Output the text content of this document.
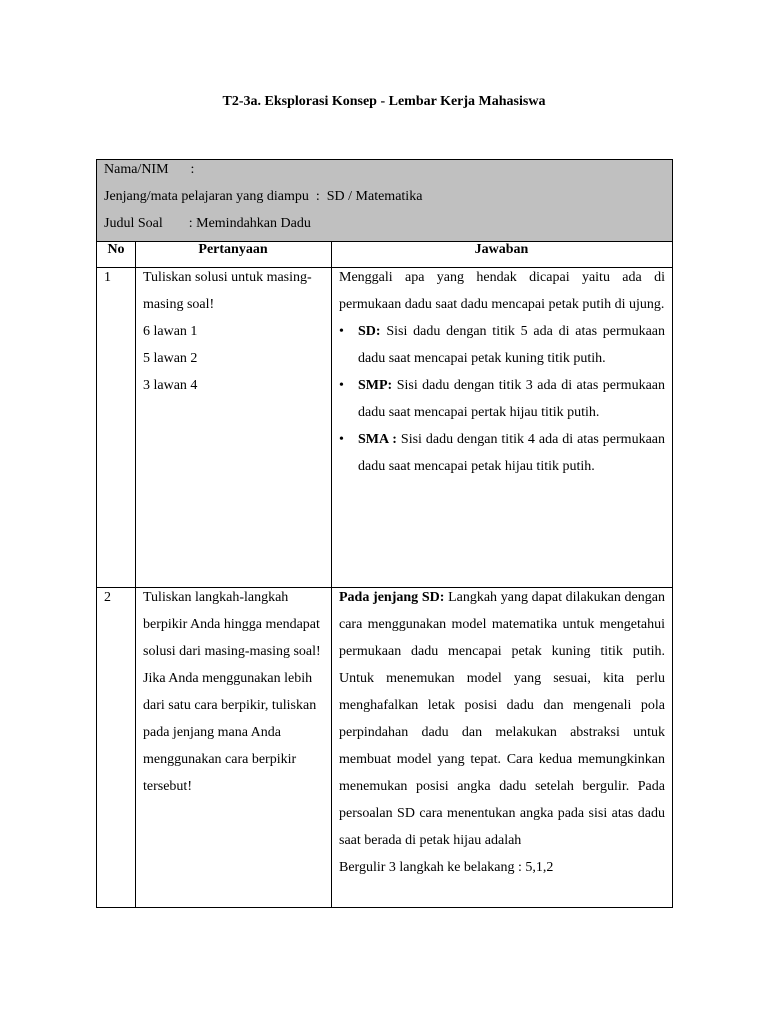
T2-3a. Eksplorasi Konsep - Lembar Kerja Mahasiswa
Nama/NIM :
Jenjang/mata pelajaran yang diampu  :  SD / Matematika
Judul Soal : Memindahkan Dadu
No	Pertanyaan	Jawaban
1 Tuliskan solusi untuk masing-
masing soal!
6 lawan 1
5 lawan 2
3 lawan 4
Menggali apa yang hendak dicapai yaitu ada di permukaan dadu saat dadu mencapai petak putih di ujung.
• SD: Sisi dadu dengan titik 5 ada di atas permukaan dadu saat mencapai petak kuning titik putih.
• SMP: Sisi dadu dengan titik 3 ada di atas permukaan dadu saat mencapai pertak hijau titik putih.
• SMA : Sisi dadu dengan titik 4 ada di atas permukaan dadu saat mencapai petak hijau titik putih.
2 Tuliskan langkah-langkah
berpikir Anda hingga mendapat
solusi dari masing-masing soal!
Jika Anda menggunakan lebih
dari satu cara berpikir, tuliskan
pada jenjang mana Anda
menggunakan cara berpikir
tersebut!
Pada jenjang SD: Langkah yang dapat dilakukan dengan cara menggunakan model matematika untuk mengetahui permukaan dadu mencapai petak kuning titik putih. Untuk menemukan model yang sesuai, kita perlu menghafalkan letak posisi dadu dan mengenali pola perpindahan dadu dan melakukan abstraksi untuk membuat model yang tepat. Cara kedua memungkinkan menemukan posisi angka dadu setelah bergulir. Pada persoalan SD cara menentukan angka pada sisi atas dadu saat berada di petak hijau adalah
Bergulir 3 langkah ke belakang : 5,1,2
